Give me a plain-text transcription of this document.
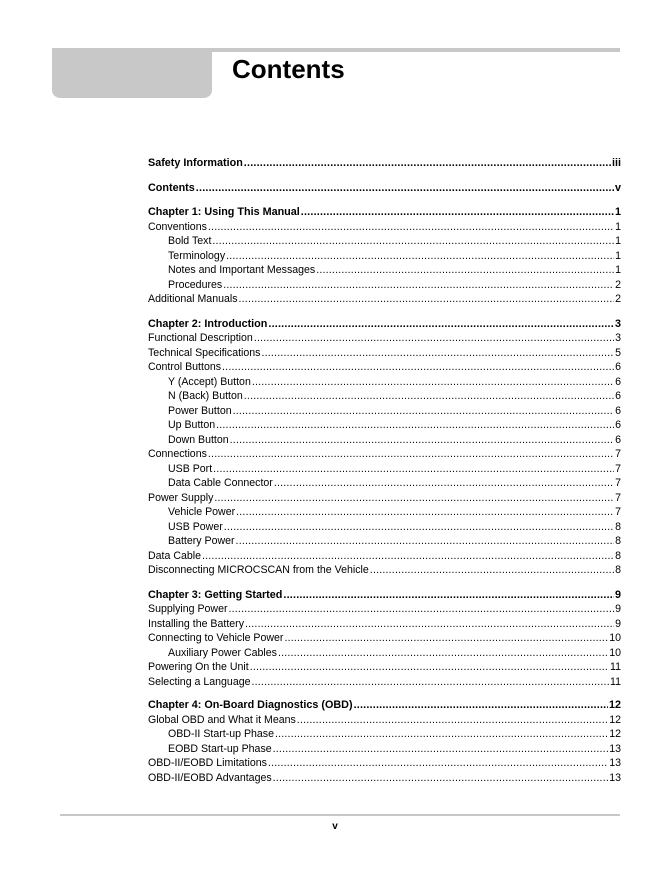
Contents
Safety Information .....	iii
Contents .....	v
Chapter 1: Using This Manual .....	1
Conventions .....	1
Bold Text .....	1
Terminology .....	1
Notes and Important Messages .....	1
Procedures .....	2
Additional Manuals .....	2
Chapter 2: Introduction .....	3
Functional Description .....	3
Technical Specifications .....	5
Control Buttons .....	6
Y (Accept) Button .....	6
N (Back) Button .....	6
Power Button .....	6
Up Button .....	6
Down Button .....	6
Connections .....	7
USB Port .....	7
Data Cable Connector .....	7
Power Supply .....	7
Vehicle Power .....	7
USB Power .....	8
Battery Power .....	8
Data Cable .....	8
Disconnecting MICROCSCAN from the Vehicle .....	8
Chapter 3: Getting Started .....	9
Supplying Power .....	9
Installing the Battery .....	9
Connecting to Vehicle Power .....	10
Auxiliary Power Cables .....	10
Powering On the Unit .....	11
Selecting a Language .....	11
Chapter 4: On-Board Diagnostics (OBD) .....	12
Global OBD and What it Means .....	12
OBD-II Start-up Phase .....	12
EOBD Start-up Phase .....	13
OBD-II/EOBD Limitations .....	13
OBD-II/EOBD Advantages .....	13
v
